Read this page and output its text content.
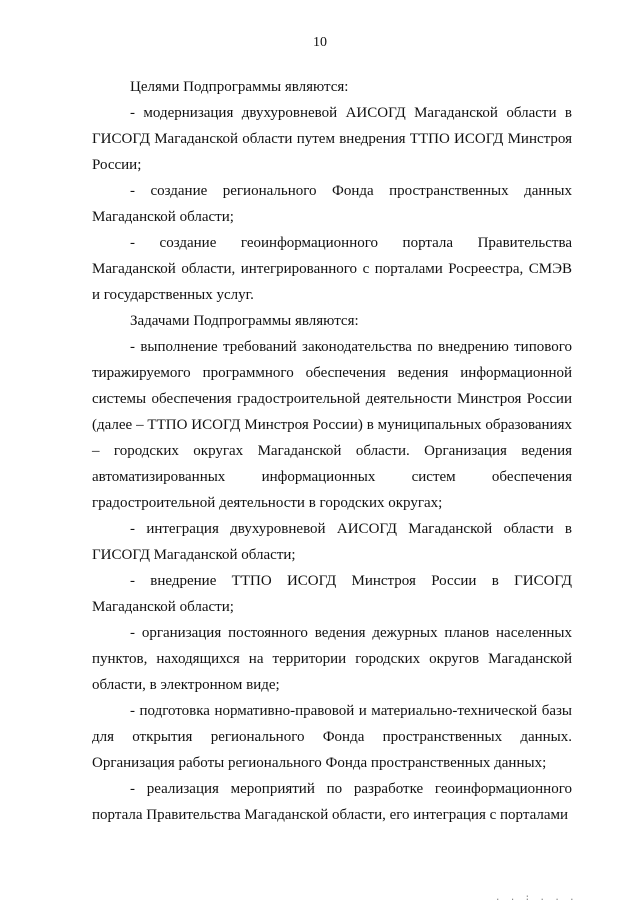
10

Целями Подпрограммы являются:

- модернизация двухуровневой АИСОГД Магаданской области в ГИСОГД Магаданской области путем внедрения ТТПО ИСОГД Минстроя России;

- создание регионального Фонда пространственных данных Магаданской области;

- создание геоинформационного портала Правительства Магаданской области, интегрированного с порталами Росреестра, СМЭВ и государственных услуг.

Задачами Подпрограммы являются:

- выполнение требований законодательства по внедрению типового тиражируемого программного обеспечения ведения информационной системы обеспечения градостроительной деятельности Минстроя России (далее – ТТПО ИСОГД Минстроя России) в муниципальных образованиях – городских округах Магаданской области. Организация ведения автоматизированных информационных систем обеспечения градостроительной деятельности в городских округах;

- интеграция двухуровневой АИСОГД Магаданской области в ГИСОГД Магаданской области;

- внедрение ТТПО ИСОГД Минстроя России в ГИСОГД Магаданской области;

- организация постоянного ведения дежурных планов населенных пунктов, находящихся на территории городских округов Магаданской области, в электронном виде;

- подготовка нормативно-правовой и материально-технической базы для открытия регионального Фонда пространственных данных. Организация работы регионального Фонда пространственных данных;

- реализация мероприятий по разработке геоинформационного портала Правительства Магаданской области, его интеграция с порталами

. . : . . .
